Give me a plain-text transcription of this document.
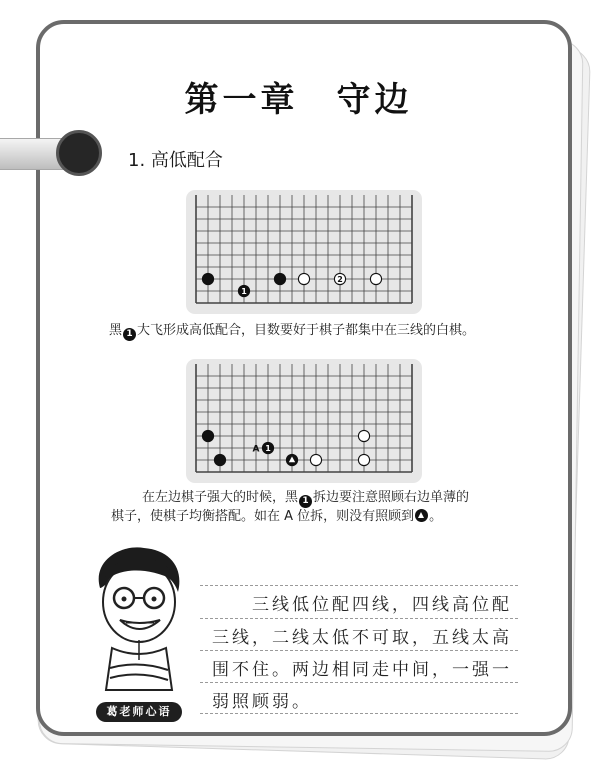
第一章　守边
1. 高低配合
1
2
黑 1 大飞形成高低配合，目数要好于棋子都集中在三线的白棋。
1
A
在左边棋子强大的时候，黑 1 拆边要注意照顾右边单薄的
棋子，使棋子均衡搭配。如在 A 位拆，则没有照顾到 。
葛老师心语
　　三线低位配四线，四线高位配
三线，二线太低不可取，五线太高
围不住。两边相同走中间，一强一
弱照顾弱。
